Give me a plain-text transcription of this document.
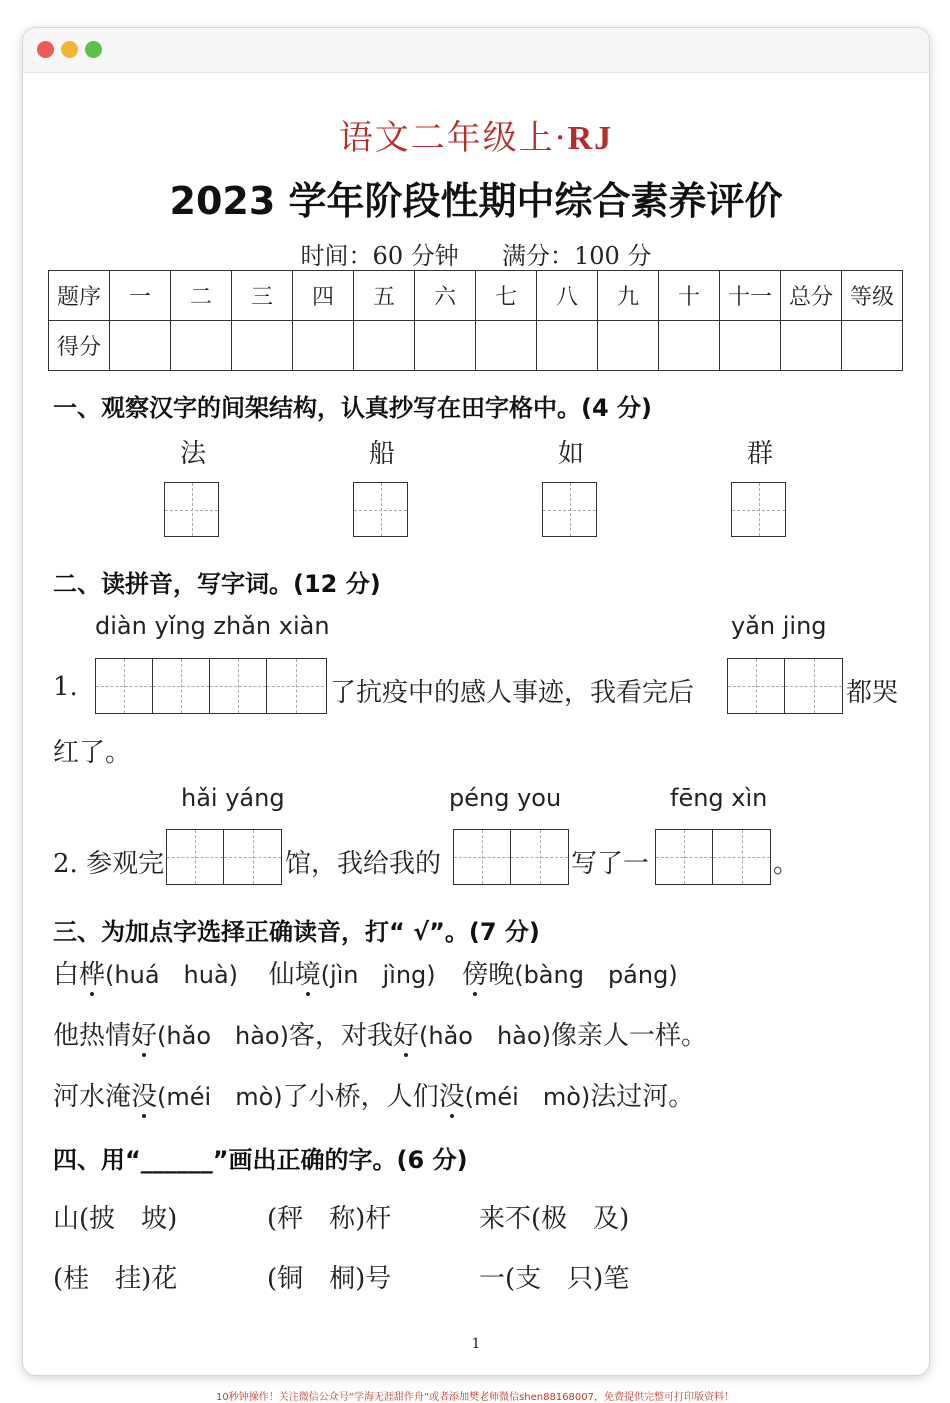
语文二年级上·RJ
2023 学年阶段性期中综合素养评价
时间：60 分钟 满分：100 分
题序	一	二	三	四	五	六	七	八	九	十	十一	总分	等级
得分													
一、观察汉字的间架结构，认真抄写在田字格中。(4 分)
法	船	如	群
二、读拼音，写字词。(12 分)
diàn yǐng zhǎn xiàn	yǎn jing
1.	了抗疫中的感人事迹，我看完后	都哭
红了。
hǎi yáng	péng you	fēng xìn
2. 参观完	馆，我给我的	写了一	。
三、为加点字选择正确读音，打“ √”。(7 分)
白桦(huá　huà) 仙境(jìn　jìng) 傍晚(bàng　páng)
他热情好(hǎo　hào)客，对我好(hǎo　hào)像亲人一样。
河水淹没(méi　mò)了小桥，人们没(méi　mò)法过河。
四、用“______”画出正确的字。(6 分)
山(披　坡)	(秤　称)杆	来不(极　及)
(桂　挂)花	(铜　桐)号	一(支　只)笔
1
10秒钟操作！关注微信公众号“学海无涯甜作舟”或者添加樊老师微信shen88168007，免费提供完整可打印版资料！
